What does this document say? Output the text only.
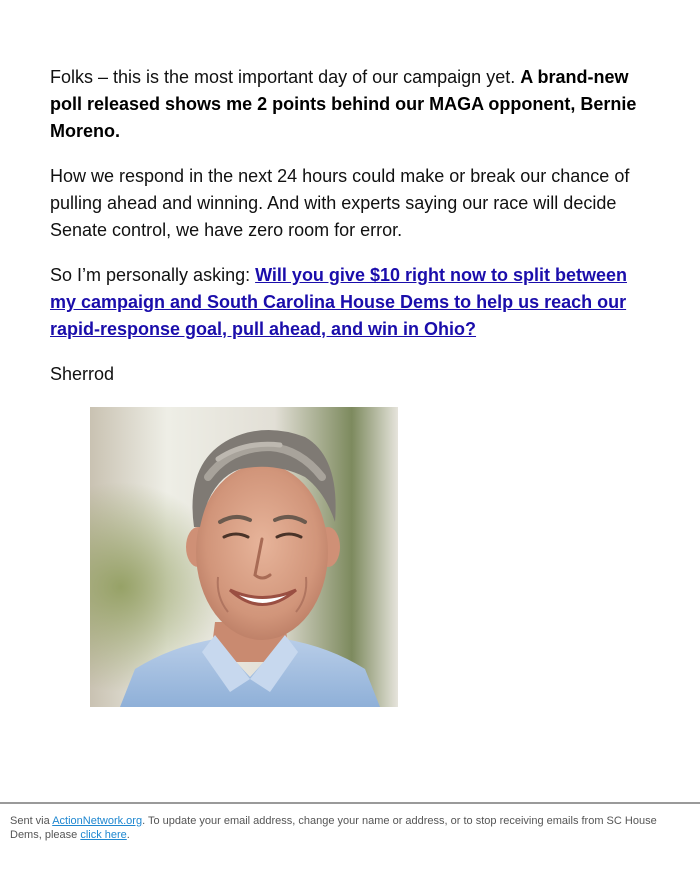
Folks – this is the most important day of our campaign yet. A brand-new poll released shows me 2 points behind our MAGA opponent, Bernie Moreno.

How we respond in the next 24 hours could make or break our chance of pulling ahead and winning. And with experts saying our race will decide Senate control, we have zero room for error.

So I’m personally asking: Will you give $10 right now to split between my campaign and South Carolina House Dems to help us reach our rapid-response goal, pull ahead, and win in Ohio?

Sherrod

Sent via ActionNetwork.org. To update your email address, change your name or address, or to stop receiving emails from SC House Dems, please click here.
